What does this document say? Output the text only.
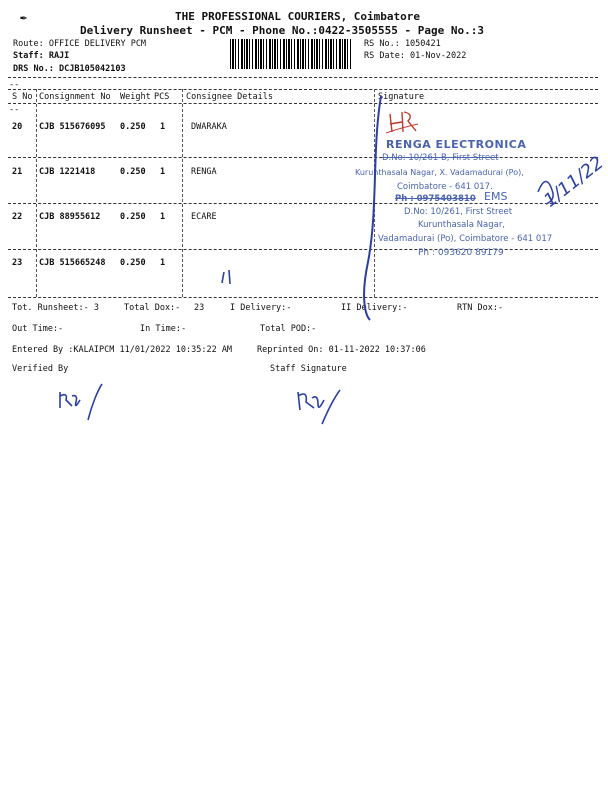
✒	THE PROFESSIONAL COURIERS, Coimbatore
Delivery Runsheet - PCM - Phone No.:0422-3505555 - Page No.:3
Route: OFFICE DELIVERY PCM
Staff: RAJI
DRS No.: DCJB105042103
RS No.: 1050421
RS Date: 01-Nov-2022
--
S No Consignment No Weight PCS Consignee Details	Signature
--
20 CJB 515676095 0.250 1	DWARAKA
21 CJB 1221418	0.250 1	RENGA
22 CJB 88955612 0.250 1	ECARE
23 CJB 515665248 0.250 1
RENGA ELECTRONICA
D.No: 10/261 B, First Street
Kurunthasala Nagar, X. Vadamadurai (Po),
Coimbatore - 641 017.
Ph : 0975403810 EMS
D.No: 10/261, First Street
Kurunthasala Nagar,
Vadamadurai (Po), Coimbatore - 641 017
Ph : 093620 89179
Tot. Runsheet:- 3	Total Dox:- 23	I Delivery:-	II Delivery:-	RTN Dox:-
Out Time:-	In Time:-	Total POD:-
Entered By :KALAIPCM 11/01/2022 10:35:22 AM	Reprinted On: 01-11-2022 10:37:06
Verified By	Staff Signature
1/11/22
